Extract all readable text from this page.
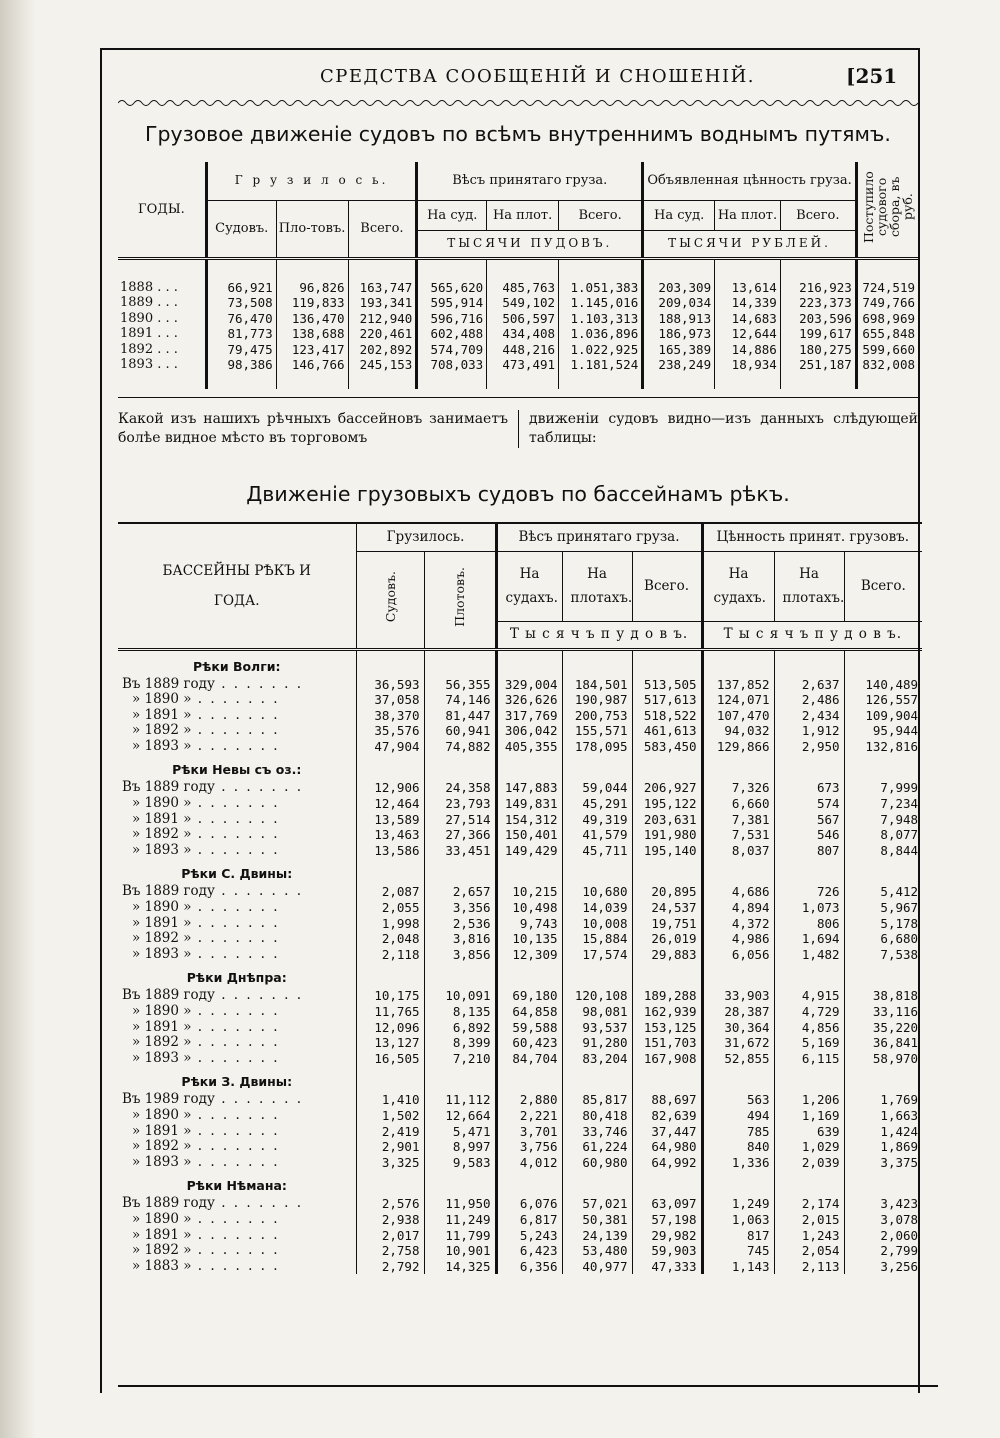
СРЕДСТВА СООБЩЕНІЙ И СНОШЕНІЙ.	[251
Грузовое движеніе судовъ по всѣмъ внутреннимъ воднымъ путямъ.
ГОДЫ.	Г р у з и л о с ь.			Вѣсъ принятаго груза.			Объявленная цѣнность груза.			Поступило судового сбора, въ руб.
	Судовъ.	Пло-товъ.	Всего.	На суд.	На плот.	Всего.	На суд.	На плот.	Всего.	
				ТЫСЯЧИ ПУДОВЪ.			ТЫСЯЧИ РУБЛЕЙ.			
1888 . . .	66,921	96,826	163,747	565,620	485,763	1.051,383	203,309	13,614	216,923	724,519
1889 . . .	73,508	119,833	193,341	595,914	549,102	1.145,016	209,034	14,339	223,373	749,766
1890 . . .	76,470	136,470	212,940	596,716	506,597	1.103,313	188,913	14,683	203,596	698,969
1891 . . .	81,773	138,688	220,461	602,488	434,408	1.036,896	186,973	12,644	199,617	655,848
1892 . . .	79,475	123,417	202,892	574,709	448,216	1.022,925	165,389	14,886	180,275	599,660
1893 . . .	98,386	146,766	245,153	708,033	473,491	1.181,524	238,249	18,934	251,187	832,008
Какой изъ нашихъ рѣчныхъ бассейновъ занимаетъ болѣе видное мѣсто въ торговомъ
движеніи судовъ видно—изъ данныхъ слѣдующей таблицы:
Движеніе грузовыхъ судовъ по бассейнамъ рѣкъ.
БАССЕЙНЫ РѢКЪ И ГОДА.	Грузилось.		Вѣсъ принятаго груза.			Цѣнность принят. грузовъ.		
	Судовъ.	Плотовъ.	На судахъ.	На плотахъ.	Всего.	На судахъ.	На плотахъ.	Всего.
			Т ы с я ч ъ п у д о в ъ.			Т ы с я ч ъ п у д о в ъ.		
Рѣки Волги:								
Въ 1889 году . . . . . . .	36,593	56,355	329,004	184,501	513,505	137,852	2,637	140,489
» 1890 » . . . . . . .	37,058	74,146	326,626	190,987	517,613	124,071	2,486	126,557
» 1891 » . . . . . . .	38,370	81,447	317,769	200,753	518,522	107,470	2,434	109,904
» 1892 » . . . . . . .	35,576	60,941	306,042	155,571	461,613	94,032	1,912	95,944
» 1893 » . . . . . . .	47,904	74,882	405,355	178,095	583,450	129,866	2,950	132,816
Рѣки Невы съ оз.:								
Въ 1889 году . . . . . . .	12,906	24,358	147,883	59,044	206,927	7,326	673	7,999
» 1890 » . . . . . . .	12,464	23,793	149,831	45,291	195,122	6,660	574	7,234
» 1891 » . . . . . . .	13,589	27,514	154,312	49,319	203,631	7,381	567	7,948
» 1892 » . . . . . . .	13,463	27,366	150,401	41,579	191,980	7,531	546	8,077
» 1893 » . . . . . . .	13,586	33,451	149,429	45,711	195,140	8,037	807	8,844
Рѣки С. Двины:								
Въ 1889 году . . . . . . .	2,087	2,657	10,215	10,680	20,895	4,686	726	5,412
» 1890 » . . . . . . .	2,055	3,356	10,498	14,039	24,537	4,894	1,073	5,967
» 1891 » . . . . . . .	1,998	2,536	9,743	10,008	19,751	4,372	806	5,178
» 1892 » . . . . . . .	2,048	3,816	10,135	15,884	26,019	4,986	1,694	6,680
» 1893 » . . . . . . .	2,118	3,856	12,309	17,574	29,883	6,056	1,482	7,538
Рѣки Днѣпра:								
Въ 1889 году . . . . . . .	10,175	10,091	69,180	120,108	189,288	33,903	4,915	38,818
» 1890 » . . . . . . .	11,765	8,135	64,858	98,081	162,939	28,387	4,729	33,116
» 1891 » . . . . . . .	12,096	6,892	59,588	93,537	153,125	30,364	4,856	35,220
» 1892 » . . . . . . .	13,127	8,399	60,423	91,280	151,703	31,672	5,169	36,841
» 1893 » . . . . . . .	16,505	7,210	84,704	83,204	167,908	52,855	6,115	58,970
Рѣки З. Двины:								
Въ 1989 году . . . . . . .	1,410	11,112	2,880	85,817	88,697	563	1,206	1,769
» 1890 » . . . . . . .	1,502	12,664	2,221	80,418	82,639	494	1,169	1,663
» 1891 » . . . . . . .	2,419	5,471	3,701	33,746	37,447	785	639	1,424
» 1892 » . . . . . . .	2,901	8,997	3,756	61,224	64,980	840	1,029	1,869
» 1893 » . . . . . . .	3,325	9,583	4,012	60,980	64,992	1,336	2,039	3,375
Рѣки Нѣмана:								
Въ 1889 году . . . . . . .	2,576	11,950	6,076	57,021	63,097	1,249	2,174	3,423
» 1890 » . . . . . . .	2,938	11,249	6,817	50,381	57,198	1,063	2,015	3,078
» 1891 » . . . . . . .	2,017	11,799	5,243	24,139	29,982	817	1,243	2,060
» 1892 » . . . . . . .	2,758	10,901	6,423	53,480	59,903	745	2,054	2,799
» 1883 » . . . . . . .	2,792	14,325	6,356	40,977	47,333	1,143	2,113	3,256
